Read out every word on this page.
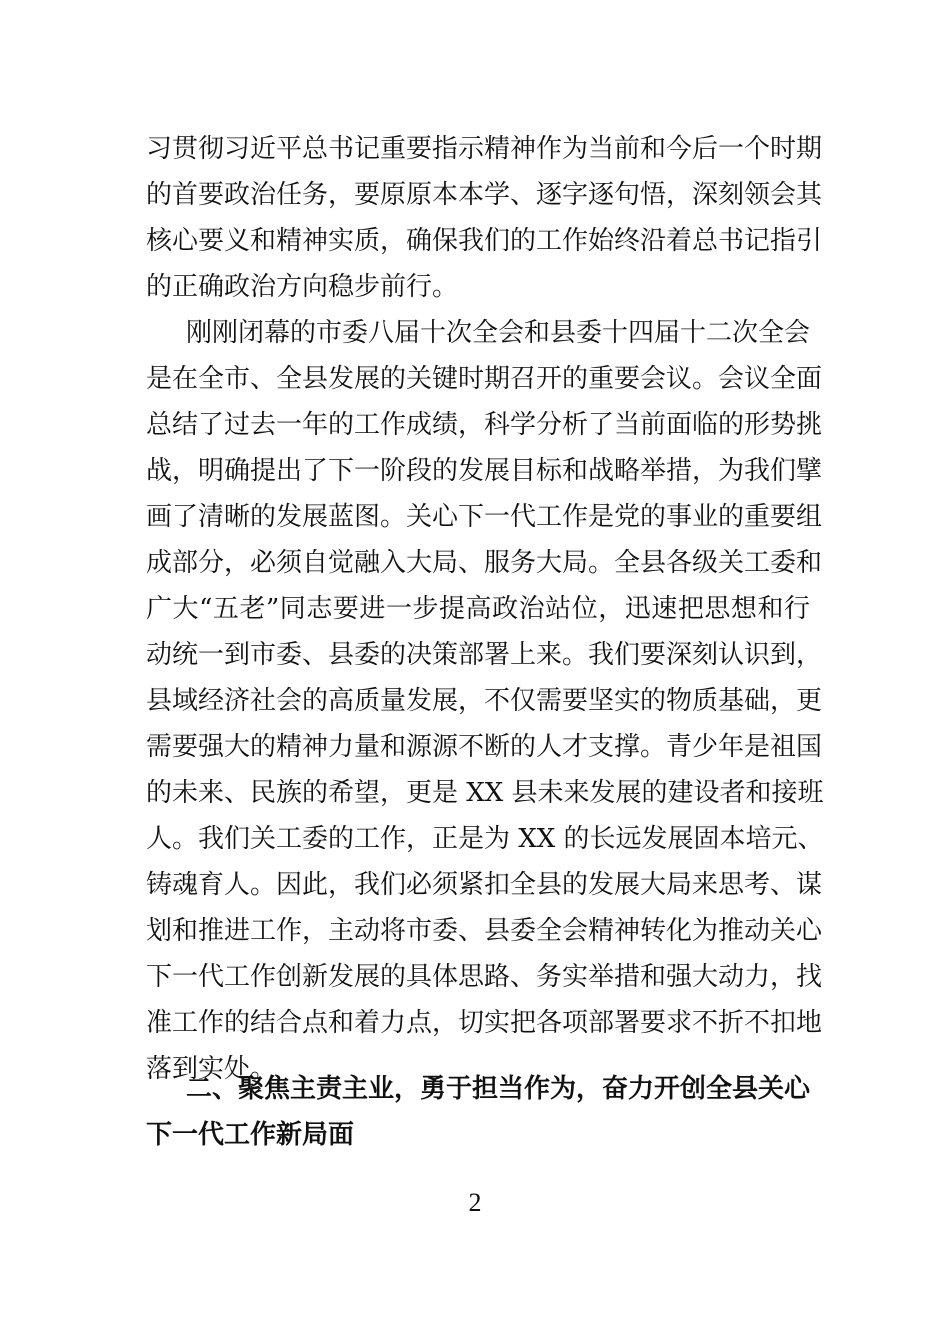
习贯彻习近平总书记重要指示精神作为当前和今后一个时期
的首要政治任务，要原原本本学、逐字逐句悟，深刻领会其
核心要义和精神实质，确保我们的工作始终沿着总书记指引
的正确政治方向稳步前行。
刚刚闭幕的市委八届十次全会和县委十四届十二次全会
是在全市、全县发展的关键时期召开的重要会议。会议全面
总结了过去一年的工作成绩，科学分析了当前面临的形势挑
战，明确提出了下一阶段的发展目标和战略举措，为我们擘
画了清晰的发展蓝图。关心下一代工作是党的事业的重要组
成部分，必须自觉融入大局、服务大局。全县各级关工委和
广大“五老”同志要进一步提高政治站位，迅速把思想和行
动统一到市委、县委的决策部署上来。我们要深刻认识到，
县域经济社会的高质量发展，不仅需要坚实的物质基础，更
需要强大的精神力量和源源不断的人才支撑。青少年是祖国
的未来、民族的希望，更是 XX 县未来发展的建设者和接班
人。我们关工委的工作，正是为 XX 的长远发展固本培元、
铸魂育人。因此，我们必须紧扣全县的发展大局来思考、谋
划和推进工作，主动将市委、县委全会精神转化为推动关心
下一代工作创新发展的具体思路、务实举措和强大动力，找
准工作的结合点和着力点，切实把各项部署要求不折不扣地
落到实处。
二、聚焦主责主业，勇于担当作为，奋力开创全县关心
下一代工作新局面
2
